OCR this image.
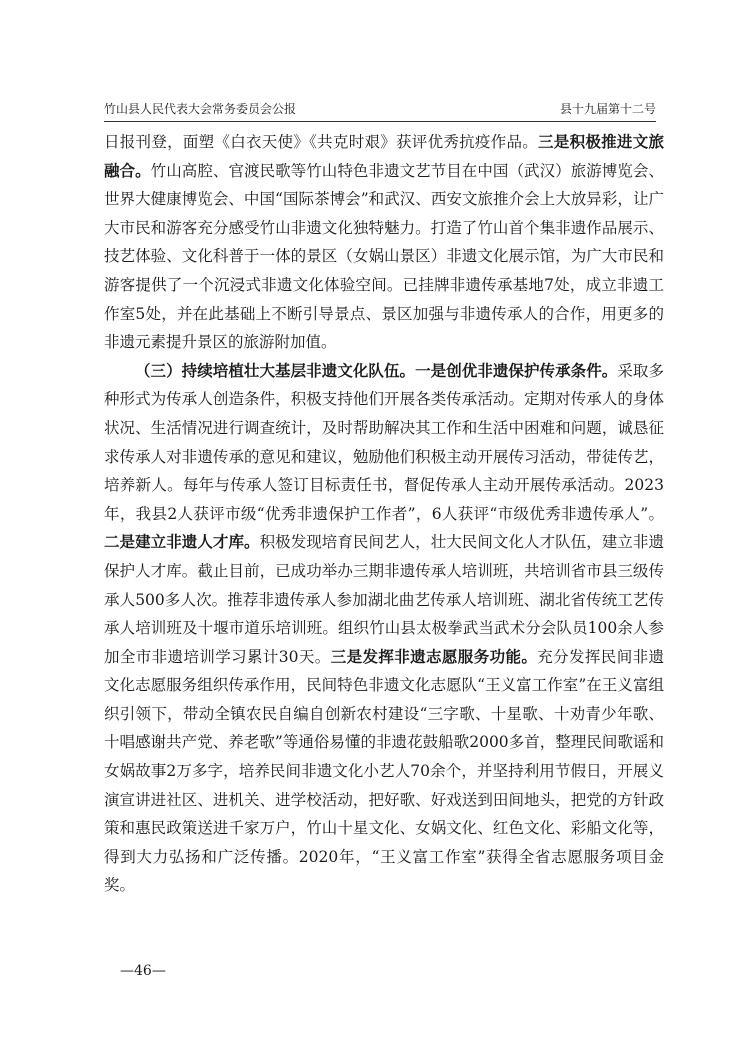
竹山县人民代表大会常务委员会公报	县十九届第十二号

日报刊登，面塑《白衣天使》《共克时艰》获评优秀抗疫作品。三是积极推进文旅融合。竹山高腔、官渡民歌等竹山特色非遗文艺节目在中国（武汉）旅游博览会、世界大健康博览会、中国“国际茶博会”和武汉、西安文旅推介会上大放异彩，让广大市民和游客充分感受竹山非遗文化独特魅力。打造了竹山首个集非遗作品展示、技艺体验、文化科普于一体的景区（女娲山景区）非遗文化展示馆，为广大市民和游客提供了一个沉浸式非遗文化体验空间。已挂牌非遗传承基地7处，成立非遗工作室5处，并在此基础上不断引导景点、景区加强与非遗传承人的合作，用更多的非遗元素提升景区的旅游附加值。

（三）持续培植壮大基层非遗文化队伍。一是创优非遗保护传承条件。采取多种形式为传承人创造条件，积极支持他们开展各类传承活动。定期对传承人的身体状况、生活情况进行调查统计，及时帮助解决其工作和生活中困难和问题，诚恳征求传承人对非遗传承的意见和建议，勉励他们积极主动开展传习活动，带徒传艺，培养新人。每年与传承人签订目标责任书，督促传承人主动开展传承活动。2023年，我县2人获评市级“优秀非遗保护工作者”，6人获评“市级优秀非遗传承人”。二是建立非遗人才库。积极发现培育民间艺人，壮大民间文化人才队伍，建立非遗保护人才库。截止目前，已成功举办三期非遗传承人培训班，共培训省市县三级传承人500多人次。推荐非遗传承人参加湖北曲艺传承人培训班、湖北省传统工艺传承人培训班及十堰市道乐培训班。组织竹山县太极拳武当武术分会队员100余人参加全市非遗培训学习累计30天。三是发挥非遗志愿服务功能。充分发挥民间非遗文化志愿服务组织传承作用，民间特色非遗文化志愿队“王义富工作室”在王义富组织引领下，带动全镇农民自编自创新农村建设“三字歌、十星歌、十劝青少年歌、十唱感谢共产党、养老歌”等通俗易懂的非遗花鼓船歌2000多首，整理民间歌谣和女娲故事2万多字，培养民间非遗文化小艺人70余个，并坚持利用节假日，开展义演宣讲进社区、进机关、进学校活动，把好歌、好戏送到田间地头，把党的方针政策和惠民政策送进千家万户，竹山十星文化、女娲文化、红色文化、彩船文化等，得到大力弘扬和广泛传播。2020年，“王义富工作室”获得全省志愿服务项目金奖。

—46—
